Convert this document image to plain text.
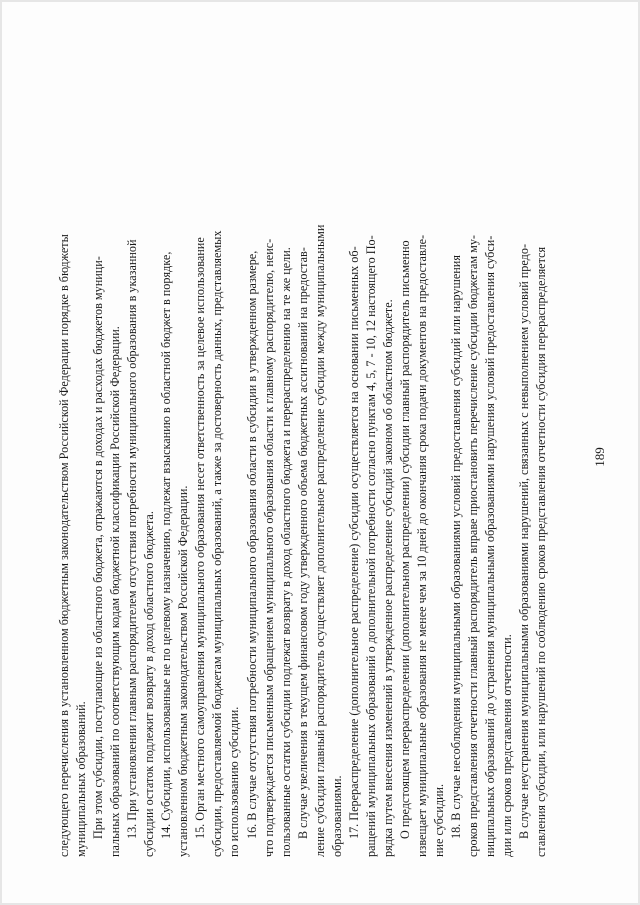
189
следующего перечисления в установленном бюджетным законодательством Российской Федерации порядке в бюджеты муниципальных образований. При этом субсидии, поступающие из областного бюджета, отражаются в доходах и расходах бюджетов муници- пальных образований по соответствующим кодам бюджетной классификации Российской Федерации. 13. При установлении главным распорядителем отсутствия потребности муниципального образования в указанной субсидии остаток подлежит возврату в доход областного бюджета. 14. Субсидии, использованные не по целевому назначению, подлежат взысканию в областной бюджет в порядке, установленном бюджетным законодательством Российской Федерации. 15. Орган местного самоуправления муниципального образования несет ответственность за целевое использование субсидии, предоставляемой бюджетам муниципальных образований, а также за достоверность данных, представляемых по использованию субсидии. 16. В случае отсутствия потребности муниципального образования области в субсидии в утвержденном размере, что подтверждается письменным обращением муниципального образования области к главному распорядителю, неис- пользованные остатки субсидии подлежат возврату в доход областного бюджета и перераспределению на те же цели. В случае увеличения в текущем финансовом году утвержденного объема бюджетных ассигнований на предостав- ление субсидии главный распорядитель осуществляет дополнительное распределение субсидии между муниципальными образованиями. 17. Перераспределение (дополнительное распределение) субсидии осуществляется на основании письменных об- ращений муниципальных образований о дополнительной потребности согласно пунктам 4, 5, 7 - 10, 12 настоящего По- рядка путем внесения изменений в утвержденное распределение субсидий законом об областном бюджете. О предстоящем перераспределении (дополнительном распределении) субсидии главный распорядитель письменно извещает муниципальные образования не менее чем за 10 дней до окончания срока подачи документов на предоставле- ние субсидии. 18. В случае несоблюдения муниципальными образованиями условий предоставления субсидий или нарушения сроков представления отчетности главный распорядитель вправе приостановить перечисление субсидии бюджетам му- ниципальных образований до устранения муниципальными образованиями нарушения условий предоставления субси- дии или сроков представления отчетности. В случае неустранения муниципальными образованиями нарушений, связанных с невыполнением условий предо- ставления субсидии, или нарушений по соблюдению сроков представления отчетности субсидия перераспределяется
